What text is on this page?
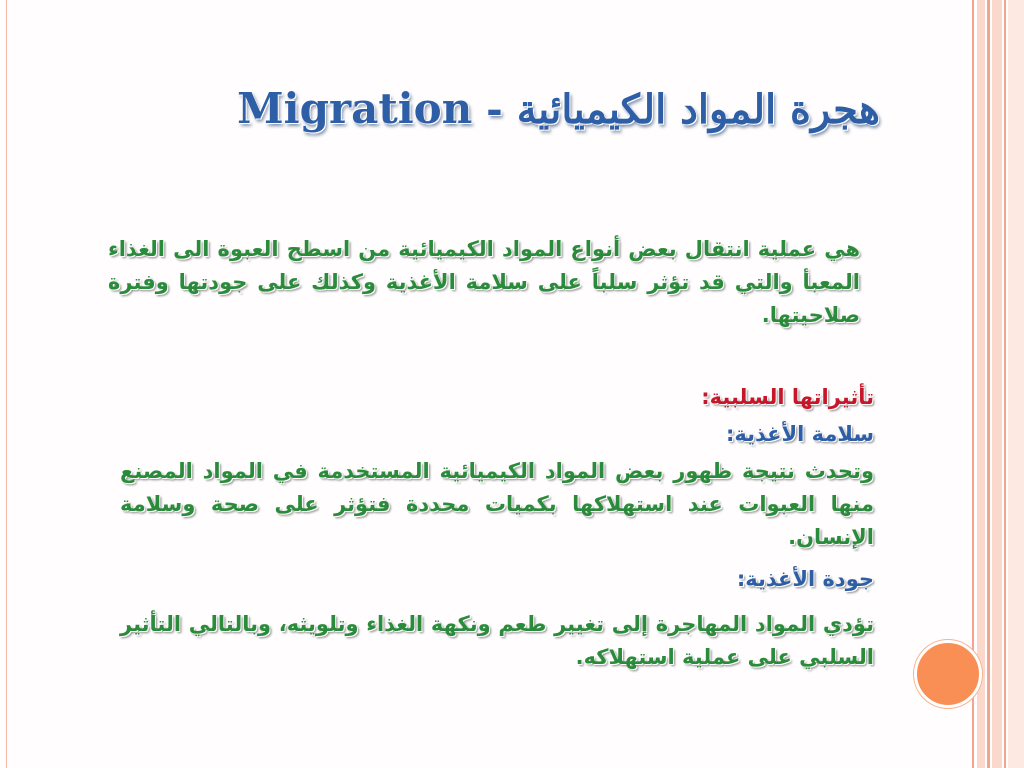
هجرة المواد الكيميائية - Migration
هي عملية انتقال بعض أنواع المواد الكيميائية من اسطح العبوة الى الغذاء المعبأ والتي قد تؤثر سلباً على سلامة الأغذية وكذلك على جودتها وفترة صلاحيتها.
تأثيراتها السلبية:
سلامة الأغذية:
وتحدث نتيجة ظهور بعض المواد الكيميائية المستخدمة في المواد المصنع منها العبوات عند استهلاكها بكميات محددة فتؤثر على صحة وسلامة الإنسان.
جودة الأغذية:
تؤدي المواد المهاجرة إلى تغيير طعم ونكهة الغذاء وتلويثه، وبالتالي التأثير السلبي على عملية استهلاكه.
